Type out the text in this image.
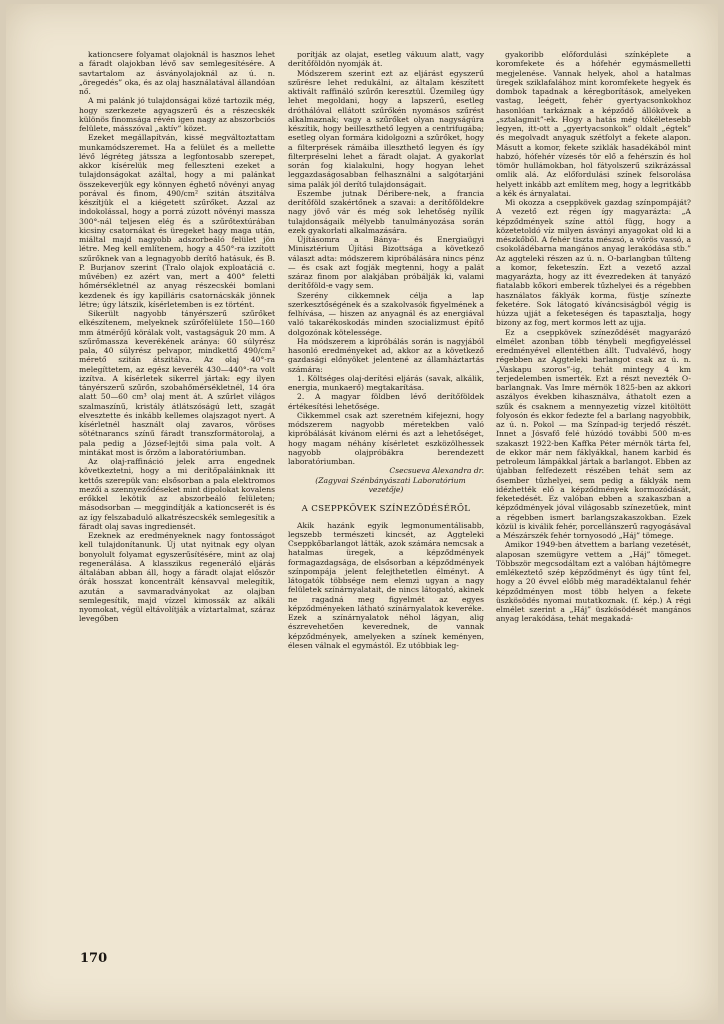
kationcsere folyamat olajoknál is hasznos lehet a fáradt olajokban lévő sav semlegesítésére. A savtartalom az ásványolajoknál az ú. n. „öregedés” oka, és az olaj használatával állandóan nő.

A mi palánk jó tulajdonságai közé tartozik még, hogy szerkezete agyagszerű és a részecskék különös finomsága révén igen nagy az abszorbciós felülete, másszóval „aktív” közet.

Ezeket megállapítván, kissé megváltoztattam munkamódszeremet. Ha a felület és a mellette lévő légréteg játssza a legfontosabb szerepet, akkor kísérelük meg felleszteni ezeket a tulajdonságokat azáltal, hogy a mi palánkat összekeverjük egy könnyen éghető növényi anyag porával és finom, 490/cm² szitán átszitálva készítjük el a kiégetett szűrőket. Azzal az indokolással, hogy a porrá zúzott növényi massza 300°-nál teljesen elég és a szűrőtextúrában kicsiny csatornákat és üregeket hagy maga után, miáltal majd nagyobb adszorbeáló felület jön létre. Meg kell említenem, hogy a 450°-ra izzított szűrőknek van a legnagyobb derítő hatásuk, és B. P. Burjanov szerint (Tralo olajok exploatáciá c. művében) ez azért van, mert a 400° feletti hőmérsékletnél az anyag részecskéi bomlani kezdenek és így kapilláris csatornácskák jönnek létre; úgy látszik, kísérletemben is ez történt.

Sikerült nagyobb tányérszerű szűrőket elkészítenem, melyeknek szűrőfelülete 150—160 mm átmérőjű körálak volt, vastagságuk 20 mm. A szűrőmassza keverékének aránya: 60 súlyrész pala, 40 súlyrész pelvapor, mindkettő 490/cm² mérető szitán átszitálva. Az olaj 40°-ra melegíttetem, az egész keverék 430—440°-ra volt izzítva. A kísérletek sikerrel jártak: egy ilyen tányérszerű szűrőn, szobahőmérsékletnél, 14 óra alatt 50—60 cm³ olaj ment át. A szűrlet világos szalmaszínű, kristály átlátszóságú lett, szagát elvesztette és inkább kellemes olajszagot nyert. A kísérletnél használt olaj zavaros, vöröses sötétnarancs színű fáradt transzformátorolaj, a pala pedig a József-lejtői sima pala volt. A mintákat most is őrzöm a laboratóriumban.

Az olaj-raffináció jelek arra engednek következtetni, hogy a mi derítőpaláinknak itt kettős szerepük van: elsősorban a pala elektromos mezői a szennyeződéseket mint dipolokat kovalens erőkkel lekötik az abszorbeáló felületen; másodsorban — meggindítják a kationcserét is és az így felszabaduló alkatrészecskék semlegesítik a fáradt olaj savas ingrediensét.

Ezeknek az eredményeknek nagy fontosságot kell tulajdonítanunk. Új utat nyitnak egy olyan bonyolult folyamat egyszerűsítésére, mint az olaj regenerálása. A klasszikus regeneráló eljárás általában abban áll, hogy a fáradt olajat először órák hosszat koncentrált kénsavval melegítik, azután a savmaradványokat az olajban semlegesítik, majd vízzel kimossák az alkáli nyomokat, végül eltávolítják a víztartalmat, száraz levegőben

porítják az olajat, esetleg vákuum alatt, vagy derítőföldön nyomják át.

Módszerem szerint ezt az eljárást egyszerű szűrésre lehet redukálni, az általam készített aktivált raffináló szűrőn keresztül. Üzemileg úgy lehet megoldani, hogy a lapszerű, esetleg dróthálóval ellátott szűrőkén nyomásos szűrést alkalmaznak; vagy a szűrőket olyan nagyságúra készítik, hogy beilleszthető legyen a centrifugába; esetleg olyan formára kidolgozni a szűrőket, hogy a filterprések rámáiba illeszthető legyen és így filterpréselni lehet a fáradt olajat. A gyakorlat során fog kialakulni, hogy hogyan lehet leggazdaságosabban felhasználni a salgótarjáni sima palák jól derítő tulajdonságait.

Eszembe jutnak Déribere-nek, a francia derítőföld szakértőnek a szavai: a derítőföldekre nagy jövő vár és még sok lehetőség nyílik tulajdonságaik mélyebb tanulmányozása során ezek gyakorlati alkalmazására.

Újításomra a Bánya- és Energiaügyi Minisztérium Újítási Bizottsága a következő választ adta: módszerem kipróbálására nincs pénz — és csak azt fogják megtenni, hogy a palát száraz finom por alakjában próbálják ki, valami derítőföld-e vagy sem.

Szerény cikkemnek célja a lap szerkesztőségének és a szakolvasók figyelmének a felhívása, — hiszen az anyagnál és az energiával való takarékoskodás minden szocializmust építő dolgozónak kötelessége.

Ha módszerem a kipróbálás során is nagyjából hasonló eredményeket ad, akkor az a következő gazdasági előnyöket jelentené az államháztartás számára:

1. Költséges olaj-derítési eljárás (savak, alkálik, energia, munkaerő) megtakarítása.

2. A magyar földben lévő derítőföldek értékesítési lehetősége.

Cikkemmel csak azt szeretném kifejezni, hogy módszerem nagyobb méretekben való kipróbálását kívánom elérni és azt a lehetőséget, hogy magam néhány kísérletet eszközölhessek nagyobb olajpróbákra berendezett laboratóriumban.

Csecsueva Alexandra dr.

(Zagyvai Szénbányászati Laboratórium vezetője)

A CSEPPKÖVEK SZÍNEZŐDÉSÉRŐL

Akik hazánk egyik legmonumentálisabb, legszebb természeti kincsét, az Aggteleki Cseppkőbarlangot látták, azok számára nemcsak a hatalmas üregek, a képződmények formagazdagsága, de elsősorban a képződmények színpompája jelent felejthetetlen élményt. A látogatók többsége nem elemzi ugyan a nagy felületek színárnyalatait, de nincs látogató, akinek ne ragadná meg figyelmét az egyes képződményeken látható színárnyalatok keveréke. Ezek a színárnyalatok néhol lágyan, alig észrevehetően keverednek, de vannak képződmények, amelyeken a színek keményen, élesen válnak el egymástól. Ez utóbbiak leg-

gyakoribb előfordulási színképlete a koromfekete és a hófehér egymásmelletti megjelenése. Vannak helyek, ahol a hatalmas üregek sziklafalához mint koromfekete hegyek és dombok tapadnak a kéregborítások, amelyeken vastag, leégett, fehér gyertyacsonkokhoz hasonlóan tarkáznak a képződő állókövek a „sztalagmit”-ek. Hogy a hatás még tökéletesebb legyen, itt-ott a „gyertyacsonkok” oldalt „égtek” és megolvadt anyaguk szétfolyt a fekete alapon. Másutt a komor, fekete sziklák hasadékából mint habzó, hófehér vízesés tör elő a fehérszín és hol tömör hullámokban, hol fátyolszerű szikrázással omlik alá. Az előfordulási színek felsorolása helyett inkább azt említem meg, hogy a legritkább a kék és árnyalatai.

Mi okozza a cseppkövek gazdag színpompáját? A vezető ezt régen így magyarázta: „A képződmények színe attól függ, hogy a közetetoldó víz milyen ásványi anyagokat old ki a mészkőből. A fehér tiszta mészsó, a vörös vassó, a csokoládébarna mangános anyag lerakódása stb.” Az aggteleki részen az ú. n. O-barlangban tűlteng a komor, feketeszín. Ezt a vezető azzal magyarázta, hogy az itt évezredeken át tanyázó fiatalabb kőkori emberek tűzhelyei és a régebben használatos fáklyák korma, füstje színezte feketére. Sok látogató kíváncsiságból végig is húzza ujját a feketeségen és tapasztalja, hogy bizony az fog, mert kormos lett az ujja.

Ez a cseppkövek színeződését magyarázó elmélet azonban több ténybeli megfigyeléssel eredményével ellentétben állt. Tudvalévő, hogy régebben az Aggteleki barlangot csak az ú. n. „Vaskapu szoros”-ig, tehát mintegy 4 km terjedelemben ismerték. Ezt a részt nevezték O-barlangnak. Vas Imre mérnök 1825-ben az akkori aszályos években kihasználva, áthatolt ezen a szűk és csaknem a mennyezetig vízzel kitöltött folyosón és ekkor fedezte fel a barlang nagyobbik, az ú. n. Pokol — ma Színpad-ig terjedő részét. Innet a Jósvafő felé húzódó további 500 m-es szakaszt 1922-ben Kaffka Péter mérnök tárta fel, de ekkor már nem fáklyákkal, hanem karbid és petroleum lámpákkal jártak a barlangot. Ebben az újabban felfedezett részében tehát sem az ősember tűzhelyei, sem pedig a fáklyák nem idézhették elő a képződmények kormozódását, feketedését. Ez valóban ebben a szakaszban a képződmények jóval világosabb színezetűek, mint a régebben ismert barlangszakaszokban. Ezek közül is kiválik fehér, porcellánszerű ragyogásával a Mészárszék fehér tornyosodó „Háj” tömege.

Amikor 1949-ben átvettem a barlang vezetését, alaposan szemügyre vettem a „Háj” tömeget. Többször megcsodáltam ezt a valóban hájtömegre emlékeztető szép képződményt és úgy tűnt fel, hogy a 20 évvel előbb még maradéktalanul fehér képződményen most több helyen a fekete üszkösödés nyomai mutatkoznak. (f. kép.) A régi elmélet szerint a „Háj” üszkösödését mangános anyag lerakódása, tehát megakadá-

170
